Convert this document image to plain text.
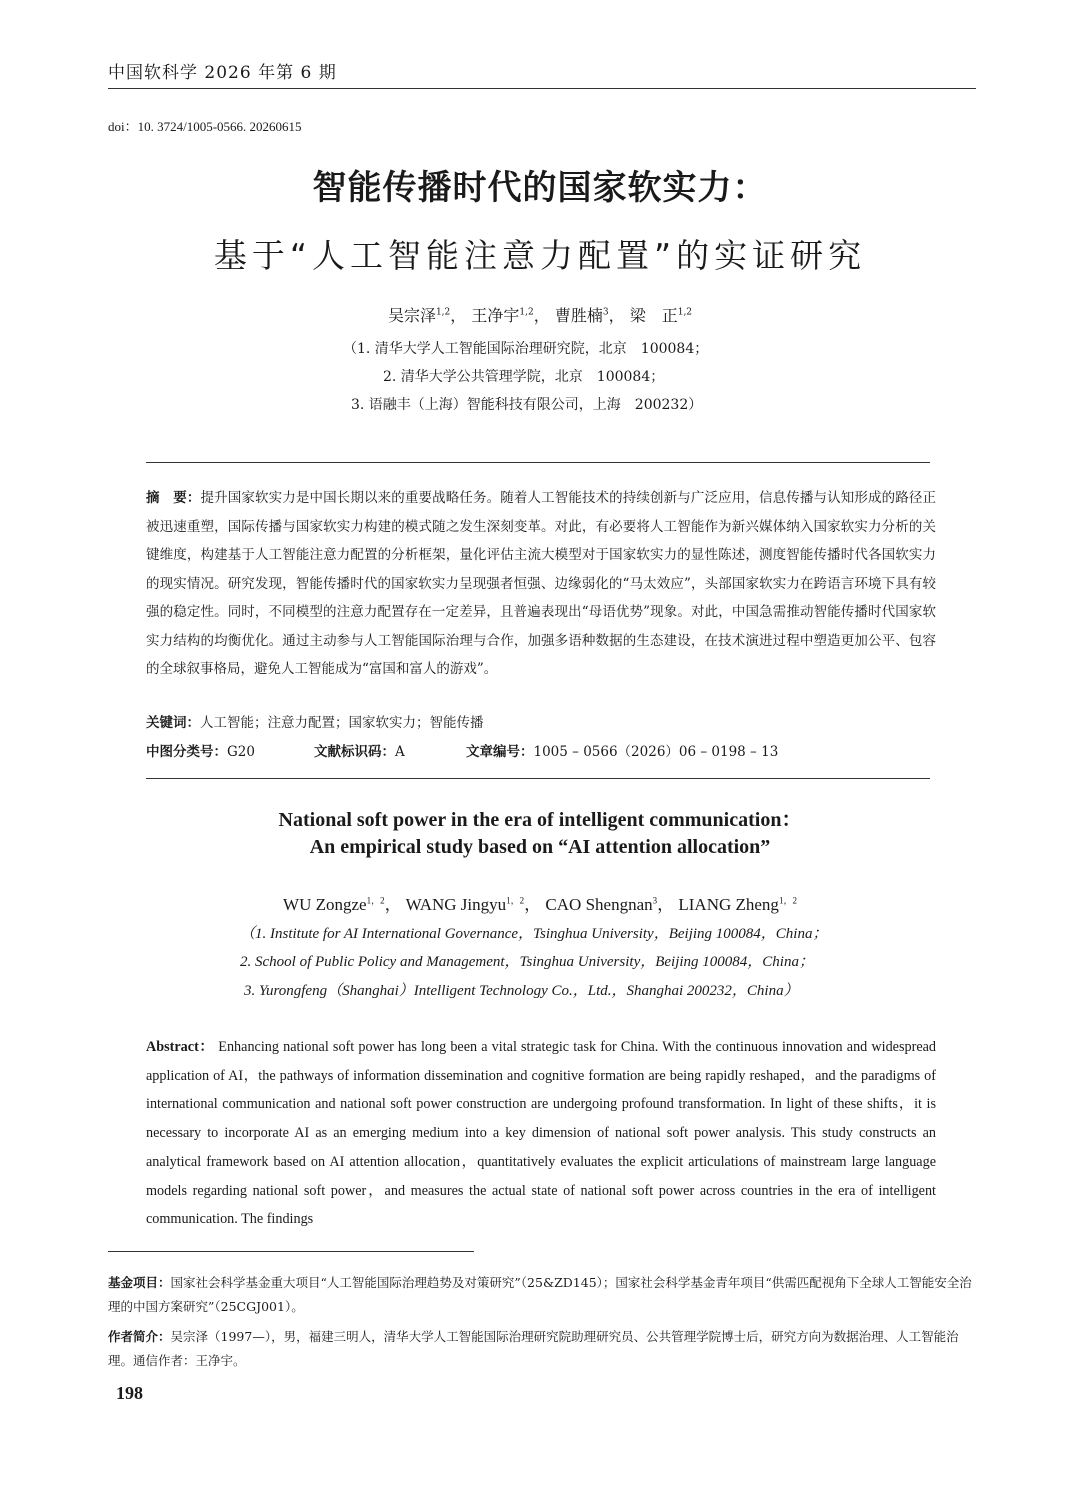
中国软科学 2026 年第 6 期
doi：10. 3724/1005-0566. 20260615
智能传播时代的国家软实力：
基于“人工智能注意力配置”的实证研究
吴宗泽$^{1,2}$， 王净宇$^{1,2}$， 曹胜楠$^3$， 梁　正$^{1,2}$
（1. 清华大学人工智能国际治理研究院，北京　100084；
2. 清华大学公共管理学院，北京　100084；
3. 语融丰（上海）智能科技有限公司，上海　200232）
摘　要：提升国家软实力是中国长期以来的重要战略任务。随着人工智能技术的持续创新与广泛应用，信息传播与认知形成的路径正被迅速重塑，国际传播与国家软实力构建的模式随之发生深刻变革。对此，有必要将人工智能作为新兴媒体纳入国家软实力分析的关键维度，构建基于人工智能注意力配置的分析框架，量化评估主流大模型对于国家软实力的显性陈述，测度智能传播时代各国软实力的现实情况。研究发现，智能传播时代的国家软实力呈现强者恒强、边缘弱化的“马太效应”，头部国家软实力在跨语言环境下具有较强的稳定性。同时，不同模型的注意力配置存在一定差异，且普遍表现出“母语优势”现象。对此，中国急需推动智能传播时代国家软实力结构的均衡优化。通过主动参与人工智能国际治理与合作，加强多语种数据的生态建设，在技术演进过程中塑造更加公平、包容的全球叙事格局，避免人工智能成为“富国和富人的游戏”。
关键词：人工智能；注意力配置；国家软实力；智能传播
中图分类号：G20	文献标识码：A	文章编号：1005 – 0566（2026）06 – 0198 – 13
National soft power in the era of intelligent communication：
An empirical study based on “AI attention allocation”
WU Zongze$^{1,2}$， WANG Jingyu$^{1,2}$， CAO Shengnan$^3$， LIANG Zheng$^{1,2}$
（1. Institute for AI International Governance，Tsinghua University，Beijing 100084，China；
2. School of Public Policy and Management，Tsinghua University，Beijing 100084，China；
3. Yurongfeng（Shanghai）Intelligent Technology Co.，Ltd.，Shanghai 200232，China）
Abstract： Enhancing national soft power has long been a vital strategic task for China. With the continuous innovation and widespread application of AI，the pathways of information dissemination and cognitive formation are being rapidly reshaped，and the paradigms of international communication and national soft power construction are undergoing profound transformation. In light of these shifts，it is necessary to incorporate AI as an emerging medium into a key dimension of national soft power analysis. This study constructs an analytical framework based on AI attention allocation，quantitatively evaluates the explicit articulations of mainstream large language models regarding national soft power，and measures the actual state of national soft power across countries in the era of intelligent communication. The findings
基金项目：国家社会科学基金重大项目“人工智能国际治理趋势及对策研究”（25&ZD145）；国家社会科学基金青年项目“供需匹配视角下全球人工智能安全治理的中国方案研究”（25CGJ001）。
作者简介：吴宗泽（1997—），男，福建三明人，清华大学人工智能国际治理研究院助理研究员、公共管理学院博士后，研究方向为数据治理、人工智能治理。通信作者：王净宇。
198
